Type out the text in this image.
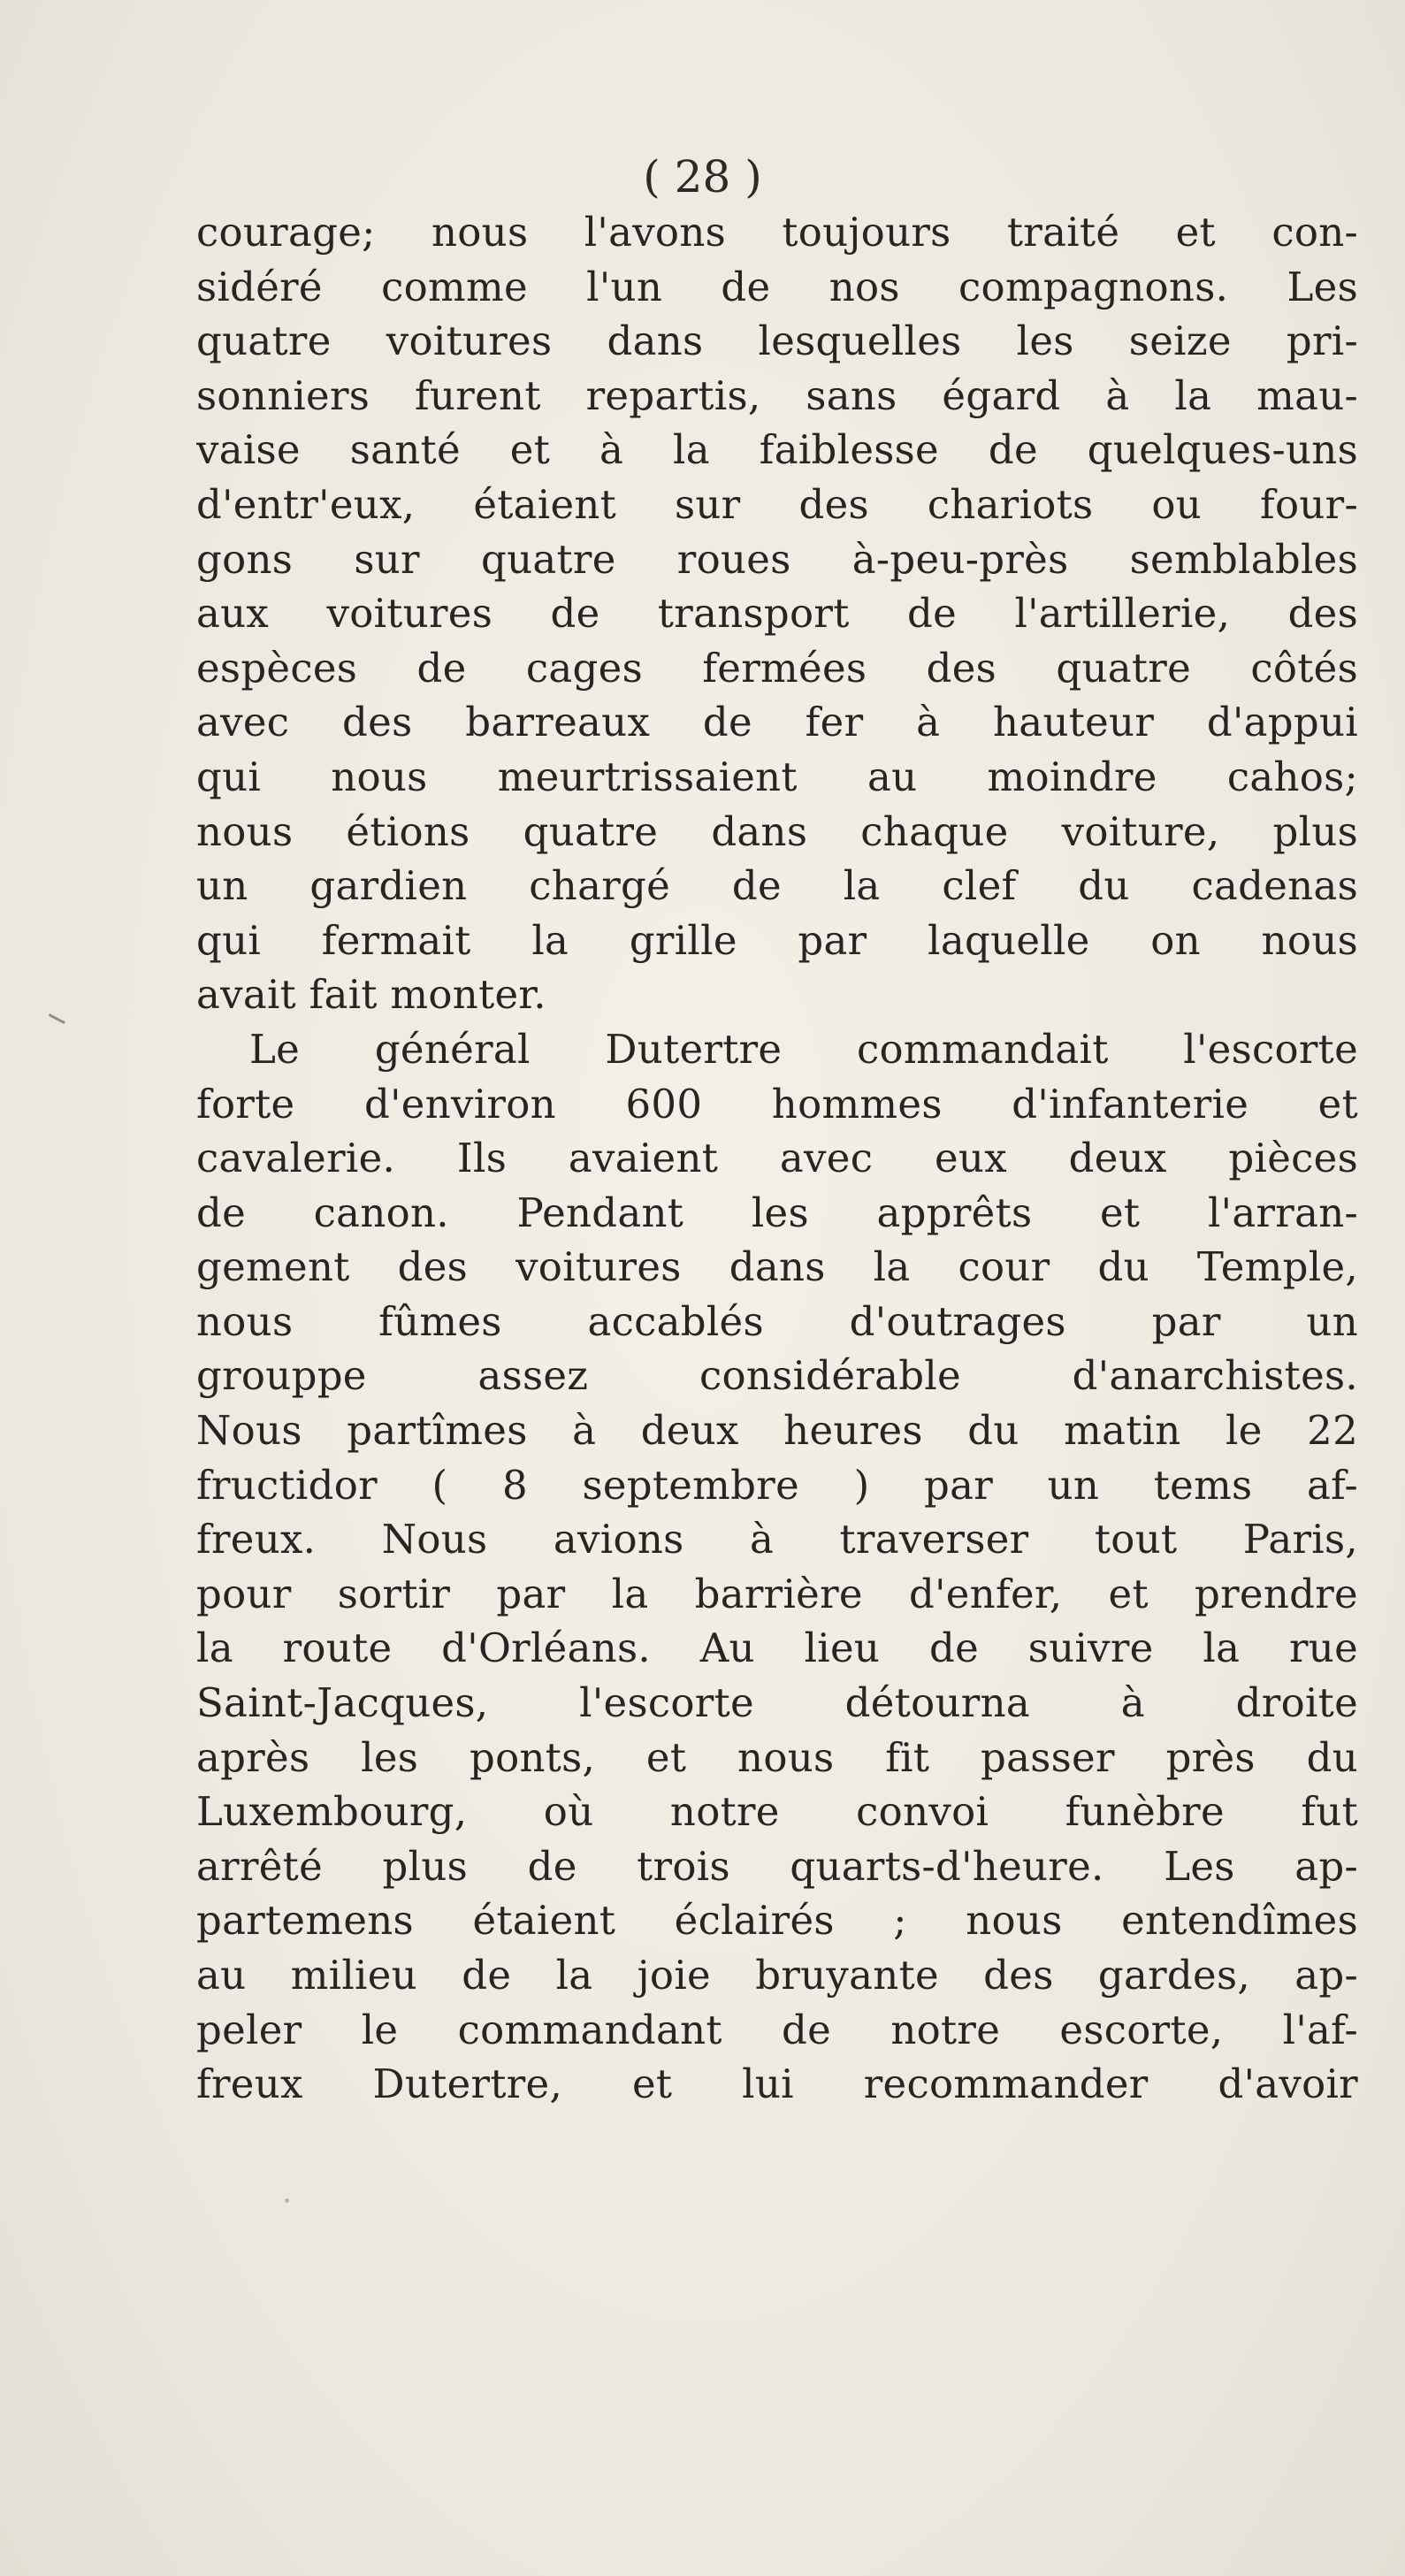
( 28 )
courage; nous l'avons toujours traité et con-
sidéré comme l'un de nos compagnons. Les
quatre voitures dans lesquelles les seize pri-
sonniers furent repartis, sans égard à la mau-
vaise santé et à la faiblesse de quelques-uns
d'entr'eux, étaient sur des chariots ou four-
gons sur quatre roues à-peu-près semblables
aux voitures de transport de l'artillerie, des
espèces de cages fermées des quatre côtés
avec des barreaux de fer à hauteur d'appui
qui nous meurtrissaient au moindre cahos;
nous étions quatre dans chaque voiture, plus
un gardien chargé de la clef du cadenas
qui fermait la grille par laquelle on nous
avait fait monter.
Le général Dutertre commandait l'escorte
forte d'environ 600 hommes d'infanterie et
cavalerie. Ils avaient avec eux deux pièces
de canon. Pendant les apprêts et l'arran-
gement des voitures dans la cour du Temple,
nous fûmes accablés d'outrages par un
grouppe assez considérable d'anarchistes.
Nous partîmes à deux heures du matin le 22
fructidor ( 8 septembre ) par un tems af-
freux. Nous avions à traverser tout Paris,
pour sortir par la barrière d'enfer, et prendre
la route d'Orléans. Au lieu de suivre la rue
Saint-Jacques, l'escorte détourna à droite
après les ponts, et nous fit passer près du
Luxembourg, où notre convoi funèbre fut
arrêté plus de trois quarts-d'heure. Les ap-
partemens étaient éclairés ; nous entendîmes
au milieu de la joie bruyante des gardes, ap-
peler le commandant de notre escorte, l'af-
freux Dutertre, et lui recommander d'avoir
